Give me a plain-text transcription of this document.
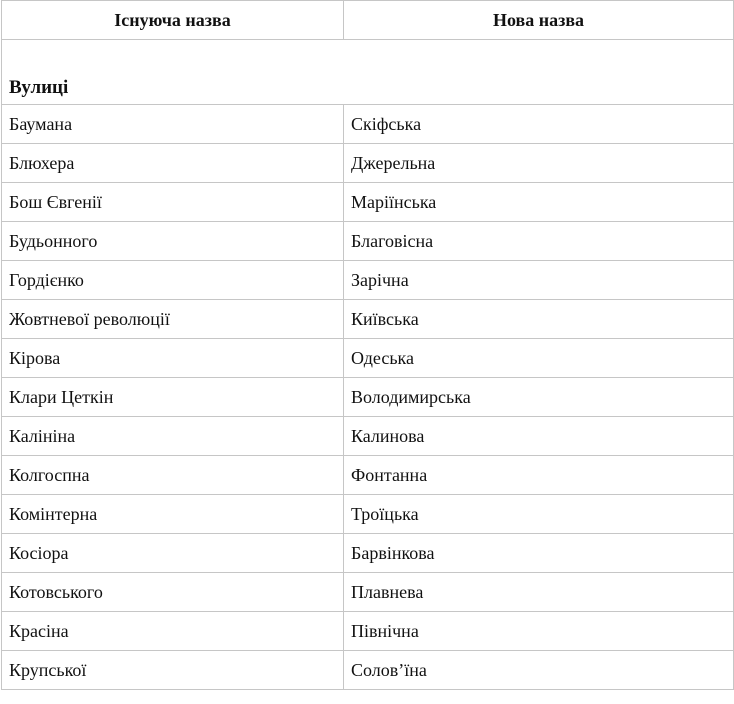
Існуюча назва	Нова назва
Вулиці	
Баумана	Скіфська
Блюхера	Джерельна
Бош Євгенії	Маріїнська
Будьонного	Благовісна
Гордієнко	Зарічна
Жовтневої революції	Київська
Кірова	Одеська
Клари Цеткін	Володимирська
Калініна	Калинова
Колгоспна	Фонтанна
Комінтерна	Троїцька
Косіора	Барвінкова
Котовського	Плавнева
Красіна	Північна
Крупської	Солов’їна
